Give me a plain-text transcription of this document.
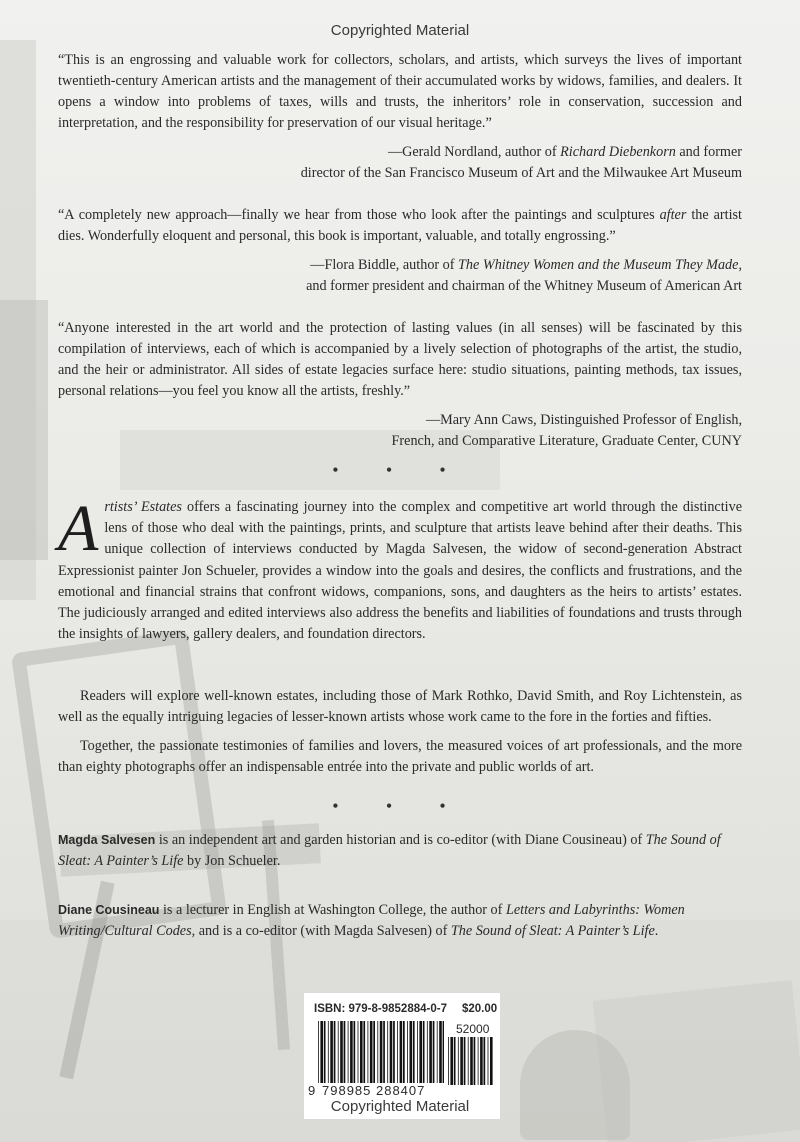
Copyrighted Material
“This is an engrossing and valuable work for collectors, scholars, and artists, which surveys the lives of important twentieth-century American artists and the management of their accumulated works by widows, families, and dealers. It opens a window into problems of taxes, wills and trusts, the inheritors’ role in conservation, succession and interpretation, and the responsibility for preservation of our visual heritage.”
—Gerald Nordland, author of Richard Diebenkorn and former
director of the San Francisco Museum of Art and the Milwaukee Art Museum
“A completely new approach—finally we hear from those who look after the paintings and sculptures after the artist dies. Wonderfully eloquent and personal, this book is important, valuable, and totally engrossing.”
—Flora Biddle, author of The Whitney Women and the Museum They Made,
and former president and chairman of the Whitney Museum of American Art
“Anyone interested in the art world and the protection of lasting values (in all senses) will be fascinated by this compilation of interviews, each of which is accompanied by a lively selection of photographs of the artist, the studio, and the heir or administrator. All sides of estate legacies surface here: studio situations, painting methods, tax issues, personal relations—you feel you know all the artists, freshly.”
—Mary Ann Caws, Distinguished Professor of English,
French, and Comparative Literature, Graduate Center, CUNY
• • •
Artists’ Estates offers a fascinating journey into the complex and competitive art world through the distinctive lens of those who deal with the paintings, prints, and sculpture that artists leave behind after their deaths. This unique collection of interviews conducted by Magda Salvesen, the widow of second-generation Abstract Expressionist painter Jon Schueler, provides a window into the goals and desires, the conflicts and frustrations, and the emotional and financial strains that confront widows, companions, sons, and daughters as the heirs to artists’ estates. The judiciously arranged and edited interviews also address the benefits and liabilities of foundations and trusts through the insights of lawyers, gallery dealers, and foundation directors.
Readers will explore well-known estates, including those of Mark Rothko, David Smith, and Roy Lichtenstein, as well as the equally intriguing legacies of lesser-known artists whose work came to the fore in the forties and fifties.
Together, the passionate testimonies of families and lovers, the measured voices of art professionals, and the more than eighty photographs offer an indispensable entrée into the private and public worlds of art.
• • •
Magda Salvesen is an independent art and garden historian and is co-editor (with Diane Cousineau) of The Sound of Sleat: A Painter’s Life by Jon Schueler.
Diane Cousineau is a lecturer in English at Washington College, the author of Letters and Labyrinths: Women Writing/Cultural Codes, and is a co-editor (with Magda Salvesen) of The Sound of Sleat: A Painter’s Life.
ISBN: 979-8-9852884-0-7 $20.00
52000
9 798985 288407
Copyrighted Material
